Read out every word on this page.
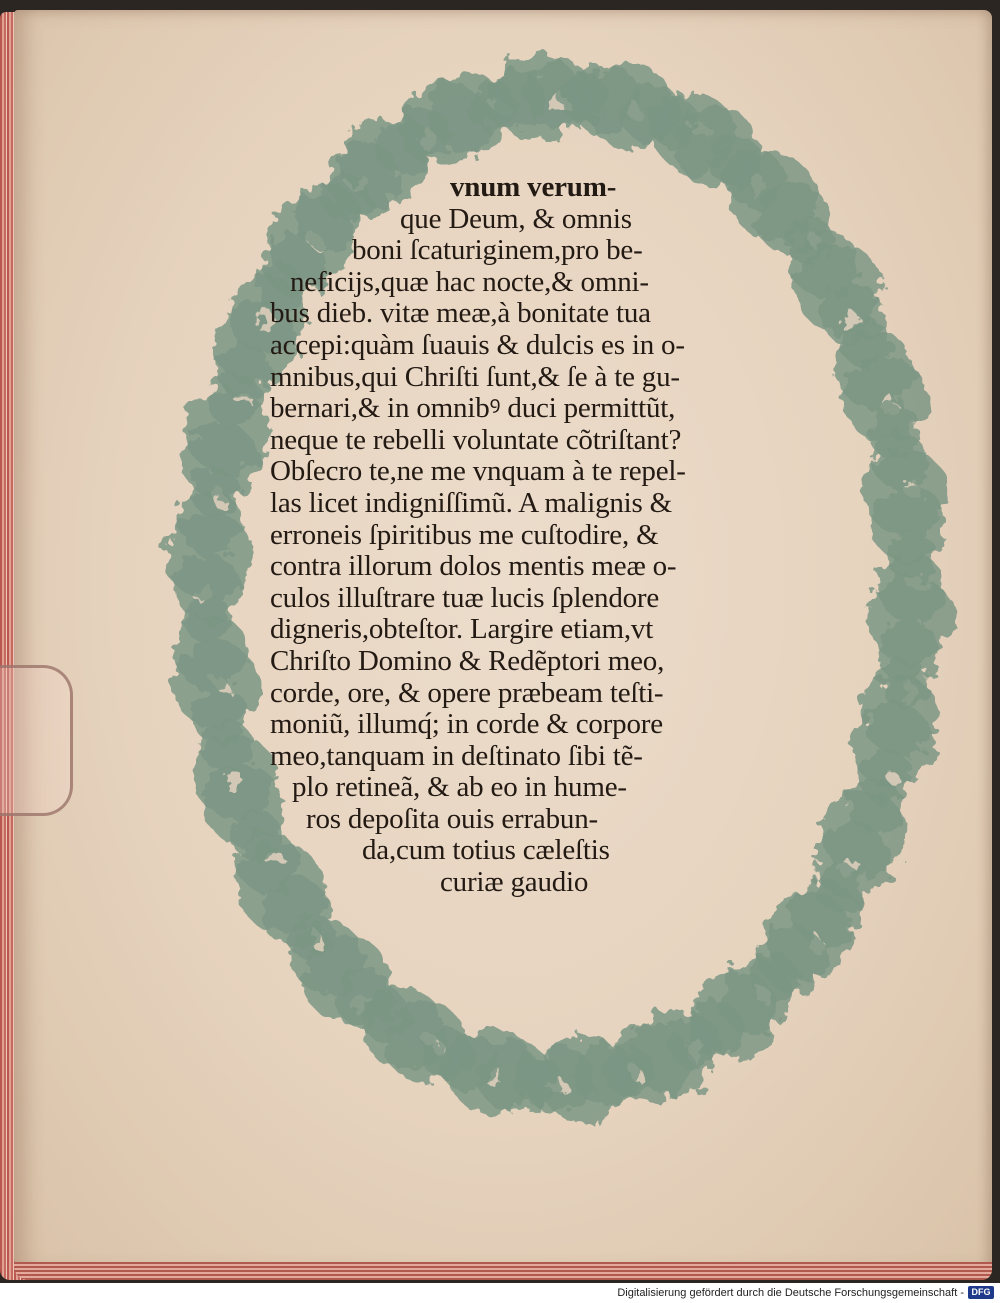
vnum verum-
que Deum, & omnis
boni ſcaturiginem,pro be-
neficijs,quæ hac nocte,& omni-
bus dieb. vitæ meæ,à bonitate tua
accepi:quàm ſuauis & dulcis es in o-
mnibus,qui Chriſti ſunt,& ſe à te gu-
bernari,& in omnibꝰ duci permittũt,
neque te rebelli voluntate cõtriſtant?
Obſecro te,ne me vnquam à te repel-
las licet indigniſſimũ. A malignis &
erroneis ſpiritibus me cuſtodire, &
contra illorum dolos mentis meæ o-
culos illuſtrare tuæ lucis ſplendore
digneris,obteſtor. Largire etiam,vt
Chriſto Domino & Redẽptori meo,
corde, ore, & opere præbeam teſti-
moniũ, illumq́; in corde & corpore
meo,tanquam in deſtinato ſibi tẽ-
plo retineã, & ab eo in hume-
ros depoſita ouis errabun-
da,cum totius cæleſtis
curiæ gaudio
Digitalisierung gefördert durch die Deutsche Forschungsgemeinschaft - DFG
